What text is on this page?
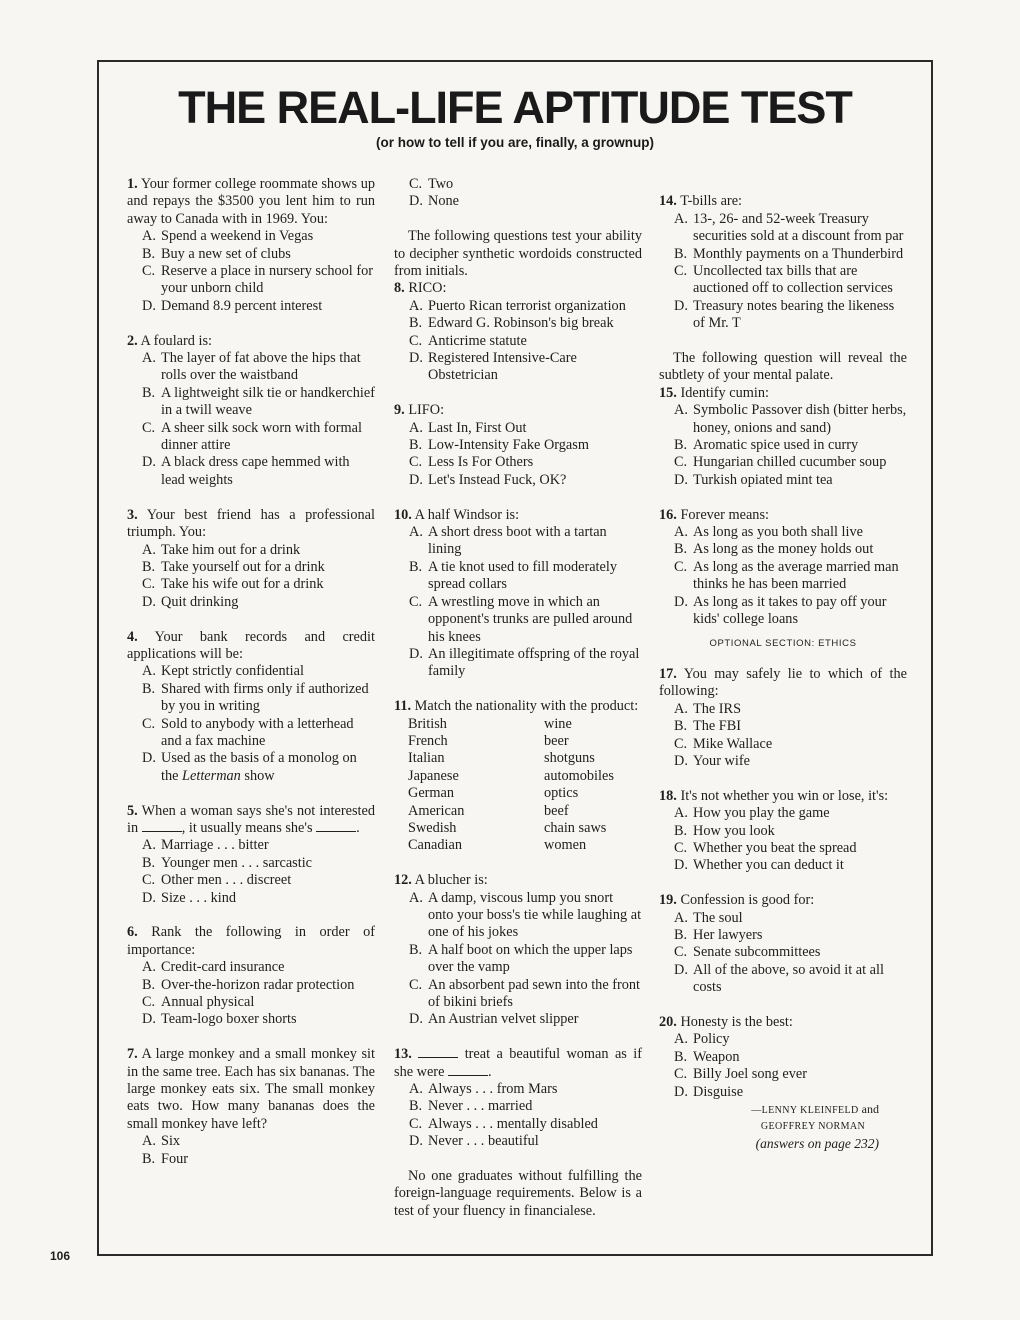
THE REAL-LIFE APTITUDE TEST
(or how to tell if you are, finally, a grownup)
1. Your former college roommate shows up and repays the $3500 you lent him to run away to Canada with in 1969. You:
A. Spend a weekend in Vegas
B. Buy a new set of clubs
C. Reserve a place in nursery school for your unborn child
D. Demand 8.9 percent interest
2. A foulard is:
A. The layer of fat above the hips that rolls over the waistband
B. A lightweight silk tie or handkerchief in a twill weave
C. A sheer silk sock worn with formal dinner attire
D. A black dress cape hemmed with lead weights
3. Your best friend has a professional triumph. You:
A. Take him out for a drink
B. Take yourself out for a drink
C. Take his wife out for a drink
D. Quit drinking
4. Your bank records and credit applications will be:
A. Kept strictly confidential
B. Shared with firms only if authorized by you in writing
C. Sold to anybody with a letterhead and a fax machine
D. Used as the basis of a monolog on the Letterman show
5. When a woman says she's not interested in	, it usually means she's	.
A. Marriage . . . bitter
B. Younger men . . . sarcastic
C. Other men . . . discreet
D. Size . . . kind
6. Rank the following in order of importance:
A. Credit-card insurance
B. Over-the-horizon radar protection
C. Annual physical
D. Team-logo boxer shorts
7. A large monkey and a small monkey sit in the same tree. Each has six bananas. The large monkey eats six. The small monkey eats two. How many bananas does the small monkey have left?
A. Six
B. Four
C. Two
D. None
The following questions test your ability to decipher synthetic wordoids constructed from initials.
8. RICO:
A. Puerto Rican terrorist organization
B. Edward G. Robinson's big break
C. Anticrime statute
D. Registered Intensive-Care Obstetrician
9. LIFO:
A. Last In, First Out
B. Low-Intensity Fake Orgasm
C. Less Is For Others
D. Let's Instead Fuck, OK?
10. A half Windsor is:
A. A short dress boot with a tartan lining
B. A tie knot used to fill moderately spread collars
C. A wrestling move in which an opponent's trunks are pulled around his knees
D. An illegitimate offspring of the royal family
11. Match the nationality with the product:
British	wine
French	beer
Italian	shotguns
Japanese	automobiles
German	optics
American	beef
Swedish	chain saws
Canadian	women
12. A blucher is:
A. A damp, viscous lump you snort onto your boss's tie while laughing at one of his jokes
B. A half boot on which the upper laps over the vamp
C. An absorbent pad sewn into the front of bikini briefs
D. An Austrian velvet slipper
13.	treat a beautiful woman as if she were	.
A. Always . . . from Mars
B. Never . . . married
C. Always . . . mentally disabled
D. Never . . . beautiful
No one graduates without fulfilling the foreign-language requirements. Below is a test of your fluency in financialese.
14. T-bills are:
A. 13-, 26- and 52-week Treasury securities sold at a discount from par
B. Monthly payments on a Thunderbird
C. Uncollected tax bills that are auctioned off to collection services
D. Treasury notes bearing the likeness of Mr. T
The following question will reveal the subtlety of your mental palate.
15. Identify cumin:
A. Symbolic Passover dish (bitter herbs, honey, onions and sand)
B. Aromatic spice used in curry
C. Hungarian chilled cucumber soup
D. Turkish opiated mint tea
16. Forever means:
A. As long as you both shall live
B. As long as the money holds out
C. As long as the average married man thinks he has been married
D. As long as it takes to pay off your kids' college loans
OPTIONAL SECTION: ETHICS
17. You may safely lie to which of the following:
A. The IRS
B. The FBI
C. Mike Wallace
D. Your wife
18. It's not whether you win or lose, it's:
A. How you play the game
B. How you look
C. Whether you beat the spread
D. Whether you can deduct it
19. Confession is good for:
A. The soul
B. Her lawyers
C. Senate subcommittees
D. All of the above, so avoid it at all costs
20. Honesty is the best:
A. Policy
B. Weapon
C. Billy Joel song ever
D. Disguise
—LENNY KLEINFELD and
GEOFFREY NORMAN
(answers on page 232)
106
